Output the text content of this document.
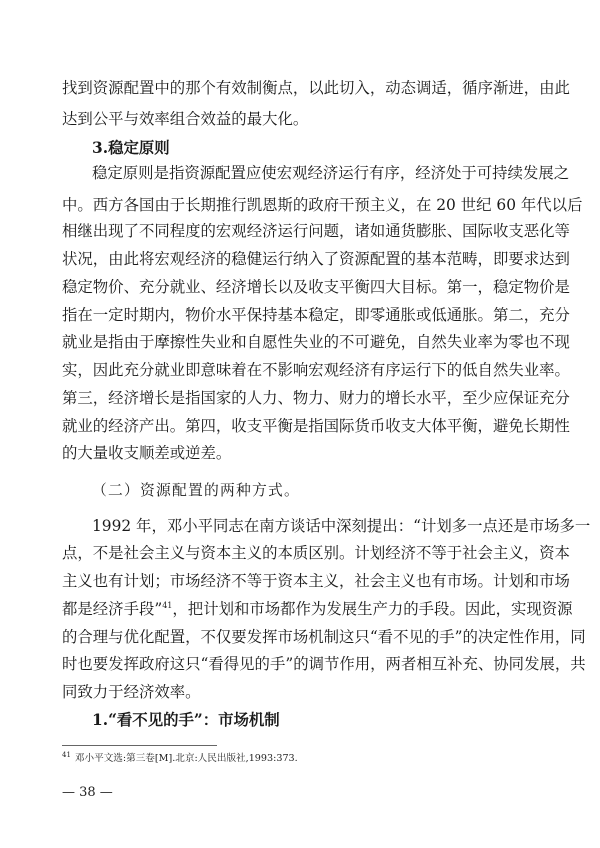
找到资源配置中的那个有效制衡点，以此切入，动态调适，循序渐进，由此
达到公平与效率组合效益的最大化。
3.稳定原则
稳定原则是指资源配置应使宏观经济运行有序，经济处于可持续发展之
中。西方各国由于长期推行凯恩斯的政府干预主义，在 20 世纪 60 年代以后
相继出现了不同程度的宏观经济运行问题，诸如通货膨胀、国际收支恶化等
状况，由此将宏观经济的稳健运行纳入了资源配置的基本范畴，即要求达到
稳定物价、充分就业、经济增长以及收支平衡四大目标。第一，稳定物价是
指在一定时期内，物价水平保持基本稳定，即零通胀或低通胀。第二，充分
就业是指由于摩擦性失业和自愿性失业的不可避免，自然失业率为零也不现
实，因此充分就业即意味着在不影响宏观经济有序运行下的低自然失业率。
第三，经济增长是指国家的人力、物力、财力的增长水平，至少应保证充分
就业的经济产出。第四，收支平衡是指国际货币收支大体平衡，避免长期性
的大量收支顺差或逆差。
（二）资源配置的两种方式。
1992 年，邓小平同志在南方谈话中深刻提出：“计划多一点还是市场多一
点，不是社会主义与资本主义的本质区别。计划经济不等于社会主义，资本
主义也有计划；市场经济不等于资本主义，社会主义也有市场。计划和市场
都是经济手段”$^{41}$，把计划和市场都作为发展生产力的手段。因此，实现资源
的合理与优化配置，不仅要发挥市场机制这只“看不见的手”的决定性作用，同
时也要发挥政府这只“看得见的手”的调节作用，两者相互补充、协同发展，共
同致力于经济效率。
1.“看不见的手”：市场机制
$^{41}$ 邓小平文选:第三卷[M].北京:人民出版社,1993:373.
— 38 —
